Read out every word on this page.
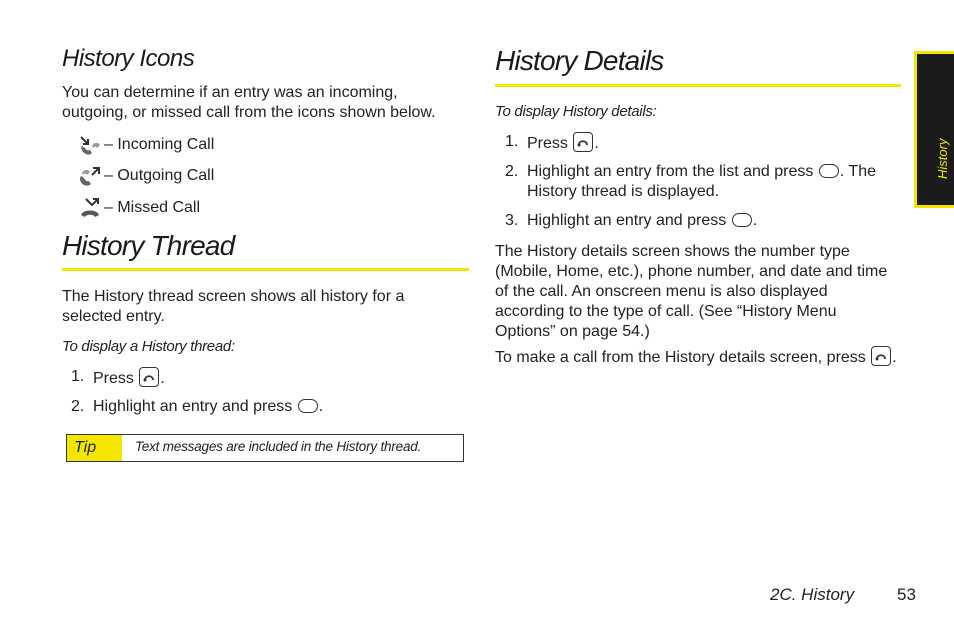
History Icons
You can determine if an entry was an incoming,
outgoing, or missed call from the icons shown below.
– Incoming Call
– Outgoing Call
– Missed Call
History Thread
The History thread screen shows all history for a
selected entry.
To display a History thread:
1. Press .
2. Highlight an entry and press .
Tip	Text messages are included in the History thread.
History Details
To display History details:
1. Press .
2. Highlight an entry from the list and press . The
History thread is displayed.
3. Highlight an entry and press .
The History details screen shows the number type
(Mobile, Home, etc.), phone number, and date and time
of the call. An onscreen menu is also displayed
according to the type of call. (See “History Menu
Options” on page 54.)
To make a call from the History details screen, press .
History
2C. History	53
